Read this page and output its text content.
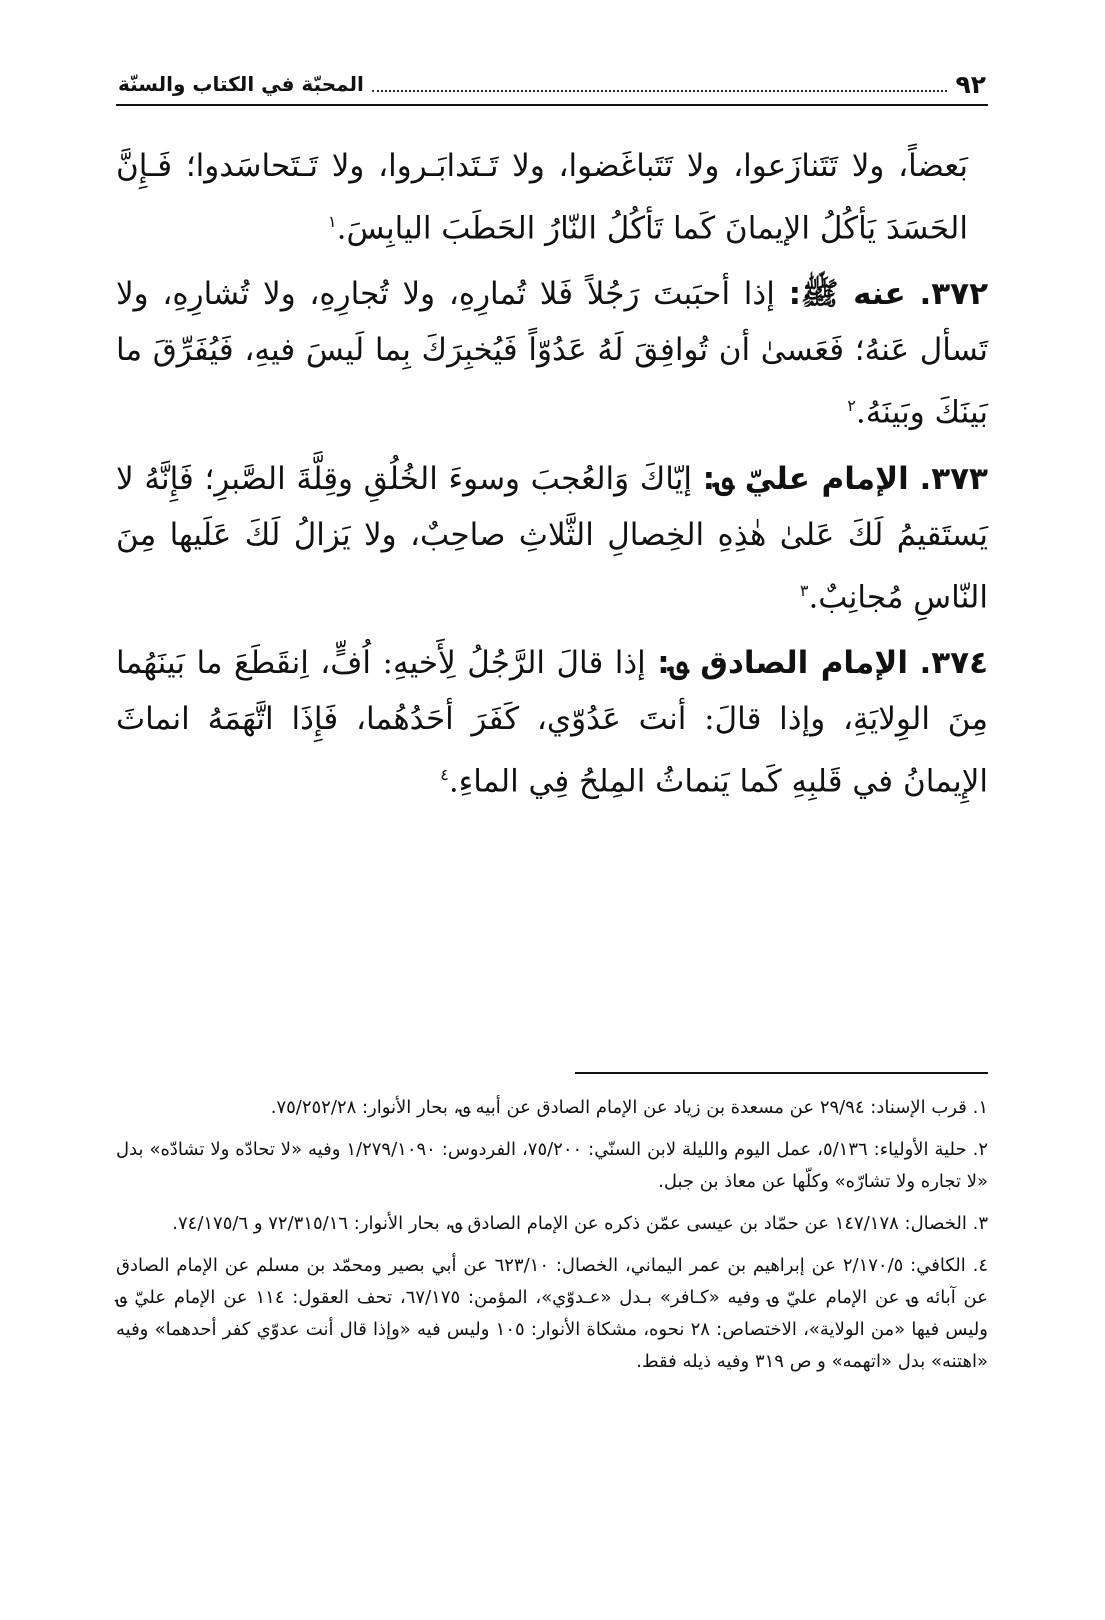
٩٢
المحبّة في الكتاب والسنّة

بَعضاً، ولا تَتَنازَعوا، ولا تَتَباغَضوا، ولا تَـتَدابَـروا، ولا تَـتَحاسَدوا؛ فَـإِنَّ الحَسَدَ يَأكُلُ الإيمانَ كَما تَأكُلُ النّارُ الحَطَبَ اليابِسَ.$^١$

٣٧٢. عنه ﷺ: إذا أحبَبتَ رَجُلاً فَلا تُمارِهِ، ولا تُجارِهِ، ولا تُشارِهِ، ولا تَسأل عَنهُ؛ فَعَسىٰ أن تُوافِقَ لَهُ عَدُوّاً فَيُخبِرَكَ بِما لَيسَ فيهِ، فَيُفَرِّقَ ما بَينَكَ وبَينَهُ.$^٢$

٣٧٣. الإمام عليّ ؈: إيّاكَ وَالعُجبَ وسوءَ الخُلُقِ وقِلَّةَ الصَّبرِ؛ فَإِنَّهُ لا يَستَقيمُ لَكَ عَلىٰ هٰذِهِ الخِصالِ الثَّلاثِ صاحِبٌ، ولا يَزالُ لَكَ عَلَيها مِنَ النّاسِ مُجانِبٌ.$^٣$

٣٧٤. الإمام الصادق ؈: إذا قالَ الرَّجُلُ لِأَخيهِ: اُفٍّ، اِنقَطَعَ ما بَينَهُما مِنَ الوِلايَةِ، وإذا قالَ: أنتَ عَدُوّي، كَفَرَ أحَدُهُما، فَإِذَا اتَّهَمَهُ انماثَ الإِيمانُ في قَلبِهِ كَما يَنماثُ المِلحُ فِي الماءِ.$^٤$

١. قرب الإسناد: ٢٩/٩٤ عن مسعدة بن زياد عن الإمام الصادق عن أبيه ؈، بحار الأنوار: ٧٥/٢٥٢/٢٨.

٢. حلية الأولياء: ٥/١٣٦، عمل اليوم والليلة لابن السنّي: ٧٥/٢٠٠، الفردوس: ١/٢٧٩/١٠٩٠ وفيه «لا تحادّه ولا تشادّه» بدل «لا تجاره ولا تشارّه» وكلّها عن معاذ بن جبل.

٣. الخصال: ١٤٧/١٧٨ عن حمّاد بن عيسى عمّن ذكره عن الإمام الصادق ؈، بحار الأنوار: ٧٢/٣١٥/١٦ و ٧٤/١٧٥/٦.

٤. الكافي: ٢/١٧٠/٥ عن إبراهيم بن عمر اليماني، الخصال: ٦٢٣/١٠ عن أبي بصير ومحمّد بن مسلم عن الإمام الصادق عن آبائه ؈ عن الإمام عليّ ؈ وفيه «كـافر» بـدل «عـدوّي»، المؤمن: ٦٧/١٧٥، تحف العقول: ١١٤ عن الإمام عليّ ؈ وليس فيها «من الولاية»، الاختصاص: ٢٨ نحوه، مشكاة الأنوار: ١٠٥ وليس فيه «وإذا قال أنت عدوّي كفر أحدهما» وفيه «اهتنه» بدل «اتهمه» و ص ٣١٩ وفيه ذيله فقط.
